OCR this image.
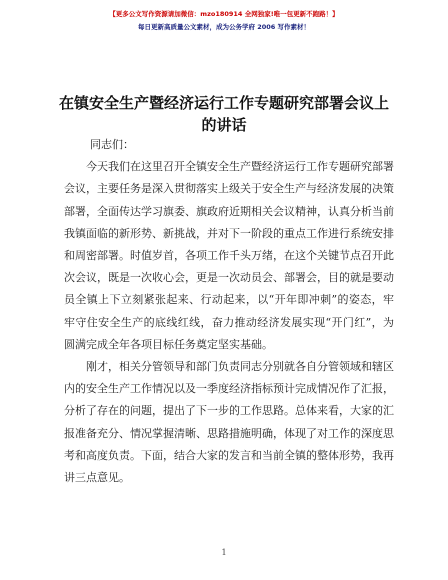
【更多公文写作资源请加微信：mzo180914 全网独家!唯一包更新不跑路！】
每日更新高质量公文素材，成为公务学府 2006 写作素材！
在镇安全生产暨经济运行工作专题研究部署会议上的讲话

同志们：

今天我们在这里召开全镇安全生产暨经济运行工作专题研究部署会议，主要任务是深入贯彻落实上级关于安全生产与经济发展的决策部署，全面传达学习旗委、旗政府近期相关会议精神，认真分析当前我镇面临的新形势、新挑战，并对下一阶段的重点工作进行系统安排和周密部署。时值岁首，各项工作千头万绪，在这个关键节点召开此次会议，既是一次收心会，更是一次动员会、部署会，目的就是要动员全镇上下立刻紧张起来、行动起来，以“开年即冲刺”的姿态，牢牢守住安全生产的底线红线，奋力推动经济发展实现“开门红”，为圆满完成全年各项目标任务奠定坚实基础。

刚才，相关分管领导和部门负责同志分别就各自分管领域和辖区内的安全生产工作情况以及一季度经济指标预计完成情况作了汇报，分析了存在的问题，提出了下一步的工作思路。总体来看，大家的汇报准备充分、情况掌握清晰、思路措施明确，体现了对工作的深度思考和高度负责。下面，结合大家的发言和当前全镇的整体形势，我再讲三点意见。

1
